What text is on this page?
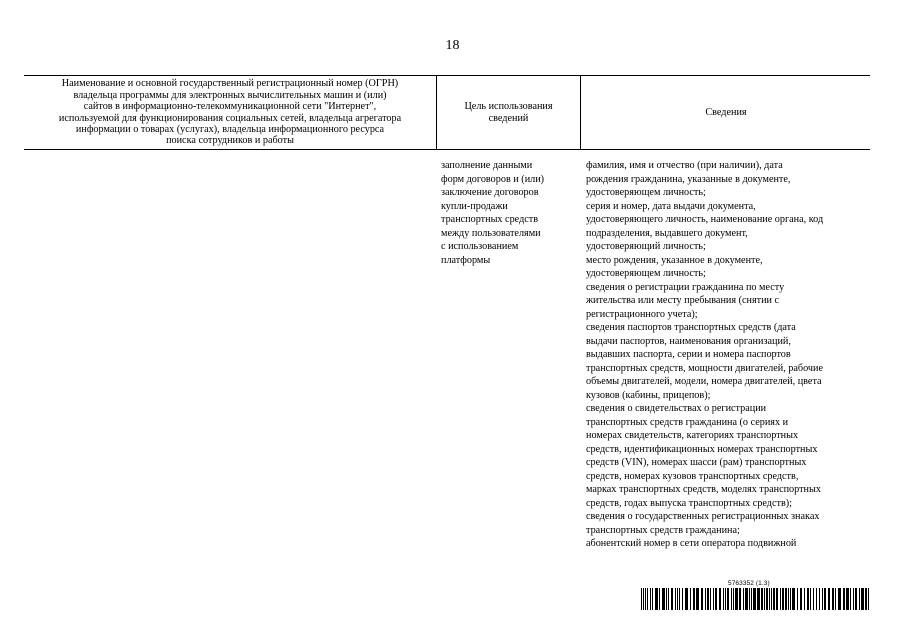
18
Наименование и основной государственный регистрационный номер (ОГРН)
владельца программы для электронных вычислительных машин и (или)
сайтов в информационно-телекоммуникационной сети "Интернет",
используемой для функционирования социальных сетей, владельца агрегатора
информации о товарах (услугах), владельца информационного ресурса
поиска сотрудников и работы
Цель использования
сведений
Сведения
заполнение данными
форм договоров и (или)
заключение договоров
купли-продажи
транспортных средств
между пользователями
с использованием
платформы
фамилия, имя и отчество (при наличии), дата
рождения гражданина, указанные в документе,
удостоверяющем личность;
серия и номер, дата выдачи документа,
удостоверяющего личность, наименование органа, код
подразделения, выдавшего документ,
удостоверяющий личность;
место рождения, указанное в документе,
удостоверяющем личность;
сведения о регистрации гражданина по месту
жительства или месту пребывания (снятии с
регистрационного учета);
сведения паспортов транспортных средств (дата
выдачи паспортов, наименования организаций,
выдавших паспорта, серии и номера паспортов
транспортных средств, мощности двигателей, рабочие
объемы двигателей, модели, номера двигателей, цвета
кузовов (кабины, прицепов);
сведения о свидетельствах о регистрации
транспортных средств гражданина (о сериях и
номерах свидетельств, категориях транспортных
средств, идентификационных номерах транспортных
средств (VIN), номерах шасси (рам) транспортных
средств, номерах кузовов транспортных средств,
марках транспортных средств, моделях транспортных
средств, годах выпуска транспортных средств);
сведения о государственных регистрационных знаках
транспортных средств гражданина;
абонентский номер в сети оператора подвижной
5763352 (1.3)
